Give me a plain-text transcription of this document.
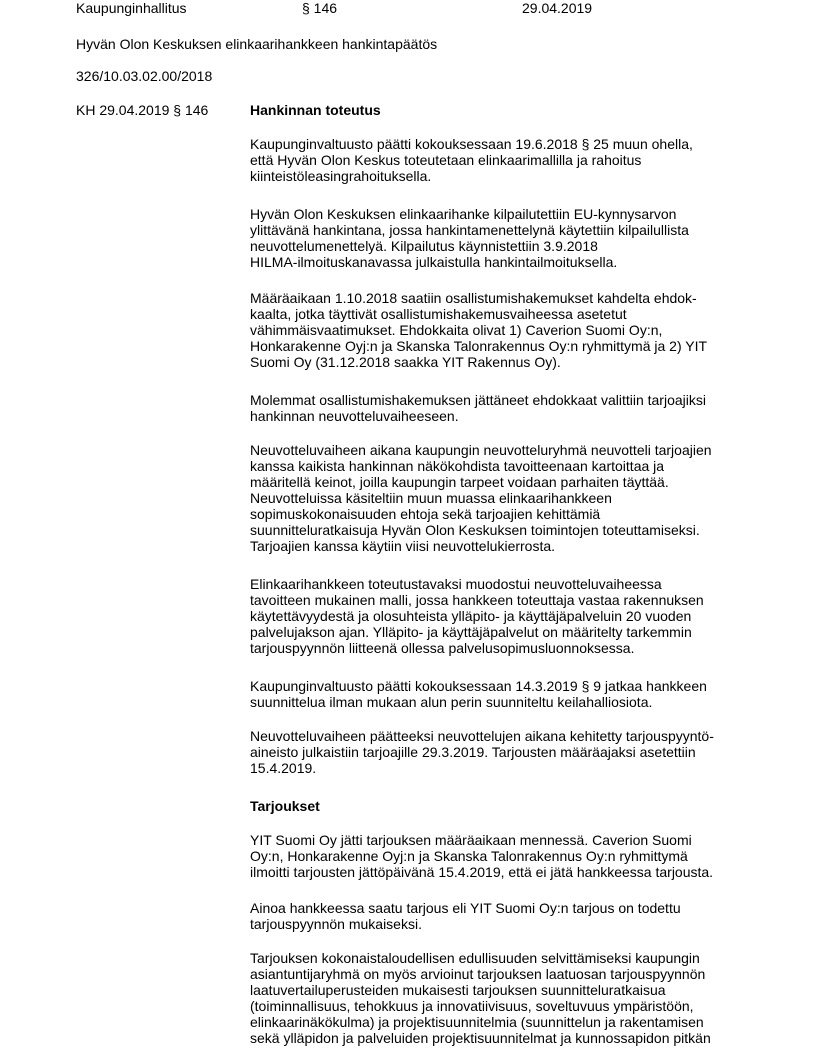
Kaupunginhallitus	§ 146	29.04.2019
Hyvän Olon Keskuksen elinkaarihankkeen hankintapäätös
326/10.03.02.00/2018
KH 29.04.2019 § 146	Hankinnan toteutus
Kaupunginvaltuusto päätti kokouksessaan 19.6.2018 § 25 muun ohella,
että Hyvän Olon Keskus toteutetaan elinkaarimallilla ja rahoitus
kiinteistöleasingrahoituksella.
Hyvän Olon Keskuksen elinkaarihanke kilpailutettiin EU-kynnysarvon
ylittävänä hankintana, jossa hankintamenettelynä käytettiin kilpailullista
neuvottelumenettelyä. Kilpailutus käynnistettiin 3.9.2018
HILMA-ilmoituskanavassa julkaistulla hankintailmoituksella.
Määräaikaan 1.10.2018 saatiin osallistumishakemukset kahdelta ehdok-
kaalta, jotka täyttivät osallistumishakemusvaiheessa asetetut
vähimmäisvaatimukset. Ehdokkaita olivat 1) Caverion Suomi Oy:n,
Honkarakenne Oyj:n ja Skanska Talonrakennus Oy:n ryhmittymä ja 2) YIT
Suomi Oy (31.12.2018 saakka YIT Rakennus Oy).
Molemmat osallistumishakemuksen jättäneet ehdokkaat valittiin tarjoajiksi
hankinnan neuvotteluvaiheeseen.
Neuvotteluvaiheen aikana kaupungin neuvotteluryhmä neuvotteli tarjoajien
kanssa kaikista hankinnan näkökohdista tavoitteenaan kartoittaa ja
määritellä keinot, joilla kaupungin tarpeet voidaan parhaiten täyttää.
Neuvotteluissa käsiteltiin muun muassa elinkaarihankkeen
sopimuskokonaisuuden ehtoja sekä tarjoajien kehittämiä
suunnitteluratkaisuja Hyvän Olon Keskuksen toimintojen toteuttamiseksi.
Tarjoajien kanssa käytiin viisi neuvottelukierrosta.
Elinkaarihankkeen toteutustavaksi muodostui neuvotteluvaiheessa
tavoitteen mukainen malli, jossa hankkeen toteuttaja vastaa rakennuksen
käytettävyydestä ja olosuhteista ylläpito- ja käyttäjäpalveluin 20 vuoden
palvelujakson ajan. Ylläpito- ja käyttäjäpalvelut on määritelty tarkemmin
tarjouspyynnön liitteenä ollessa palvelusopimusluonnoksessa.
Kaupunginvaltuusto päätti kokouksessaan 14.3.2019 § 9 jatkaa hankkeen
suunnittelua ilman mukaan alun perin suunniteltu keilahalliosiota.
Neuvotteluvaiheen päätteeksi neuvottelujen aikana kehitetty tarjouspyyntö-
aineisto julkaistiin tarjoajille 29.3.2019. Tarjousten määräajaksi asetettiin
15.4.2019.
Tarjoukset
YIT Suomi Oy jätti tarjouksen määräaikaan mennessä. Caverion Suomi
Oy:n, Honkarakenne Oyj:n ja Skanska Talonrakennus Oy:n ryhmittymä
ilmoitti tarjousten jättöpäivänä 15.4.2019, että ei jätä hankkeessa tarjousta.
Ainoa hankkeessa saatu tarjous eli YIT Suomi Oy:n tarjous on todettu
tarjouspyynnön mukaiseksi.
Tarjouksen kokonaistaloudellisen edullisuuden selvittämiseksi kaupungin
asiantuntijaryhmä on myös arvioinut tarjouksen laatuosan tarjouspyynnön
laatuvertailuperusteiden mukaisesti tarjouksen suunnitteluratkaisua
(toiminnallisuus, tehokkuus ja innovatiivisuus, soveltuvuus ympäristöön,
elinkaarinäkökulma) ja projektisuunnitelmia (suunnittelun ja rakentamisen
sekä ylläpidon ja palveluiden projektisuunnitelmat ja kunnossapidon pitkän
